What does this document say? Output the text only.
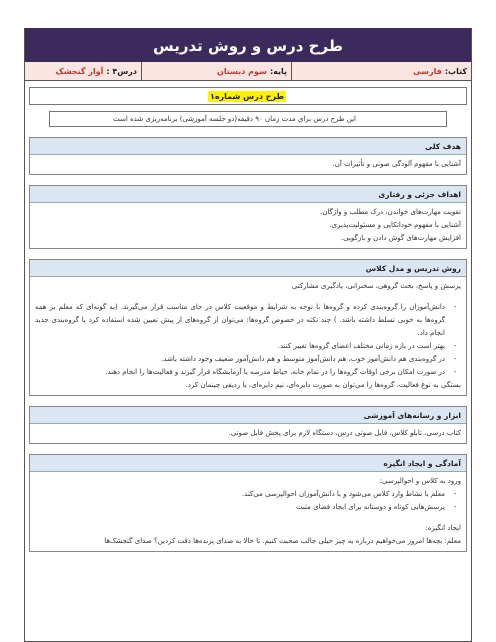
طرح درس و روش تدریس
کتاب:
فارسی
پایه:
سوم دبستان
درس۴ :
آواز گنجشک
طرح درس شماره۱
این طرح درس برای مدت زمان ۹۰ دقیقه(دو جلسه آموزشی) برنامه‌ریزی شده است
هدف کلی
آشنایی با مفهوم آلودگی صوتی و تأثیرات آن.
اهداف جزئی و رفتاری
تقویت مهارت‌های خواندن، درک مطلب و واژگان.
آشنایی با مفهوم خوداتکایی و مسئولیت‌پذیری.
افزایش مهارت‌های گوش دادن و بازگویی.
روش تدریس و مدل کلاس
پرسش و پاسخ، بحث گروهی، سخنرانی، یادگیری مشارکتی
-
دانش‌آموزان را گروه‌بندی کرده و گروه‌ها با توجه به شرایط و موقعیت کلاس در جای مناسب قرار می‌گیرند. (به گونه‌ای که معلم بر همه گروه‌ها به خوبی تسلط داشته باشد. ) چند نکته در خصوص گروه‌ها: می‌توان از گروه‌های از پیش تعیین شده استفاده کرد یا گروه‌بندی جدید انجام داد.
-
بهتر است در بازه زمانی مختلف اعضای گروه‌ها تغییر کنند.
-
در گروه‌بندی هم دانش‌آموز خوب، هم دانش‌آموز متوسط و هم دانش‌آموز ضعیف وجود داشته باشد.
-
در صورت امکان برخی اوقات گروه‌ها را در تمام خانه، حیاط مدرسه یا آزمایشگاه قرار گیرند و فعالیت‌ها را انجام دهند.
بستگی به نوع فعالیت، گروه‌ها را می‌توان به صورت دایره‌ای، نیم دایره‌ای، یا ردیفی چینمان کرد.
ابزار و رسانه‌های آموزشی
کتاب درسی، تابلو کلاس، فایل صوتی درس، دستگاه لازم برای پخش فایل صوتی.
آمادگی و ایجاد انگیزه
ورود به کلاس و احوالپرسی:
-
معلم با نشاط وارد کلاس می‌شود و با دانش‌آموزان احوالپرسی می‌کند.
-
پرسش‌هایی کوتاه و دوستانه برای ایجاد فضای مثبت
ایجاد انگیزه:
معلم: بچه‌ها امروز می‌خواهیم درباره یه چیز خیلی جالب صحبت کنیم. تا حالا به صدای پرنده‌ها دقت کردین؟ صدای گنجشک‌ها
